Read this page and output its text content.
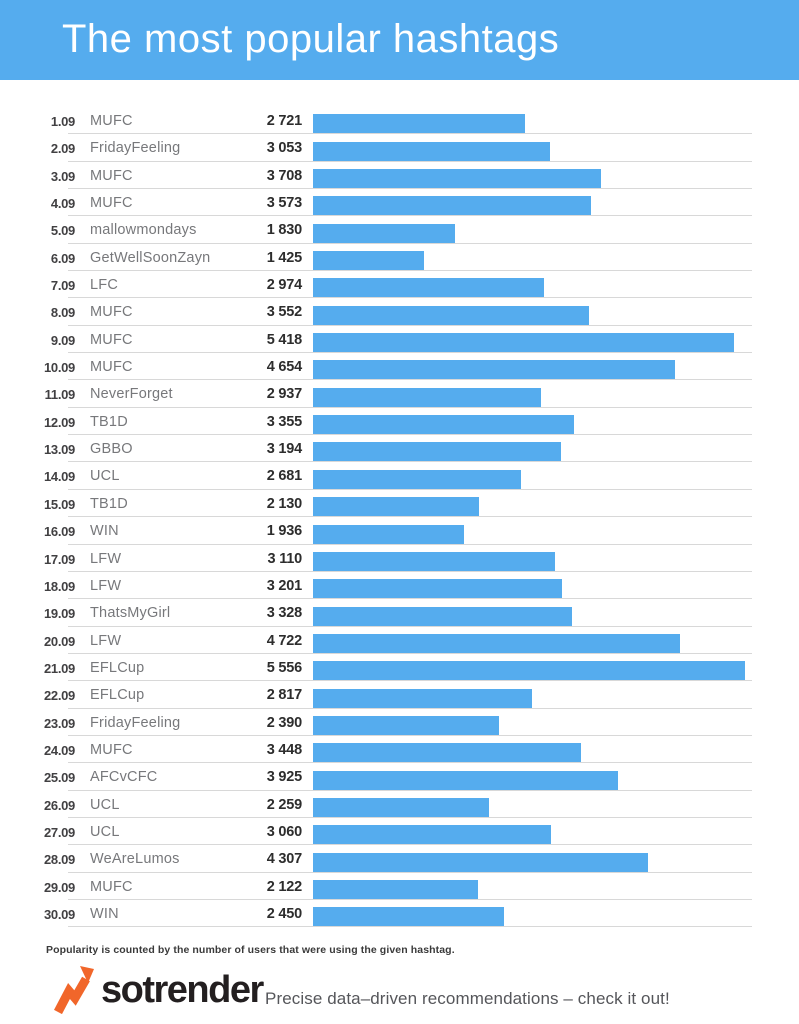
The most popular hashtags
1.09 MUFC	2 721
2.09 FridayFeeling	3 053
3.09 MUFC	3 708
4.09 MUFC	3 573
5.09 mallowmondays	1 830
6.09 GetWellSoonZayn	1 425
7.09 LFC	2 974
8.09 MUFC	3 552
9.09 MUFC	5 418
10.09 MUFC	4 654
11.09 NeverForget	2 937
12.09 TB1D	3 355
13.09 GBBO	3 194
14.09 UCL	2 681
15.09 TB1D	2 130
16.09 WIN	1 936
17.09 LFW	3 110
18.09 LFW	3 201
19.09 ThatsMyGirl	3 328
20.09 LFW	4 722
21.09 EFLCup	5 556
22.09 EFLCup	2 817
23.09 FridayFeeling	2 390
24.09 MUFC	3 448
25.09 AFCvCFC	3 925
26.09 UCL	2 259
27.09 UCL	3 060
28.09 WeAreLumos	4 307
29.09 MUFC	2 122
30.09 WIN	2 450

Popularity is counted by the number of users that were using the given hashtag.

sotrender Precise data–driven recommendations – check it out!
